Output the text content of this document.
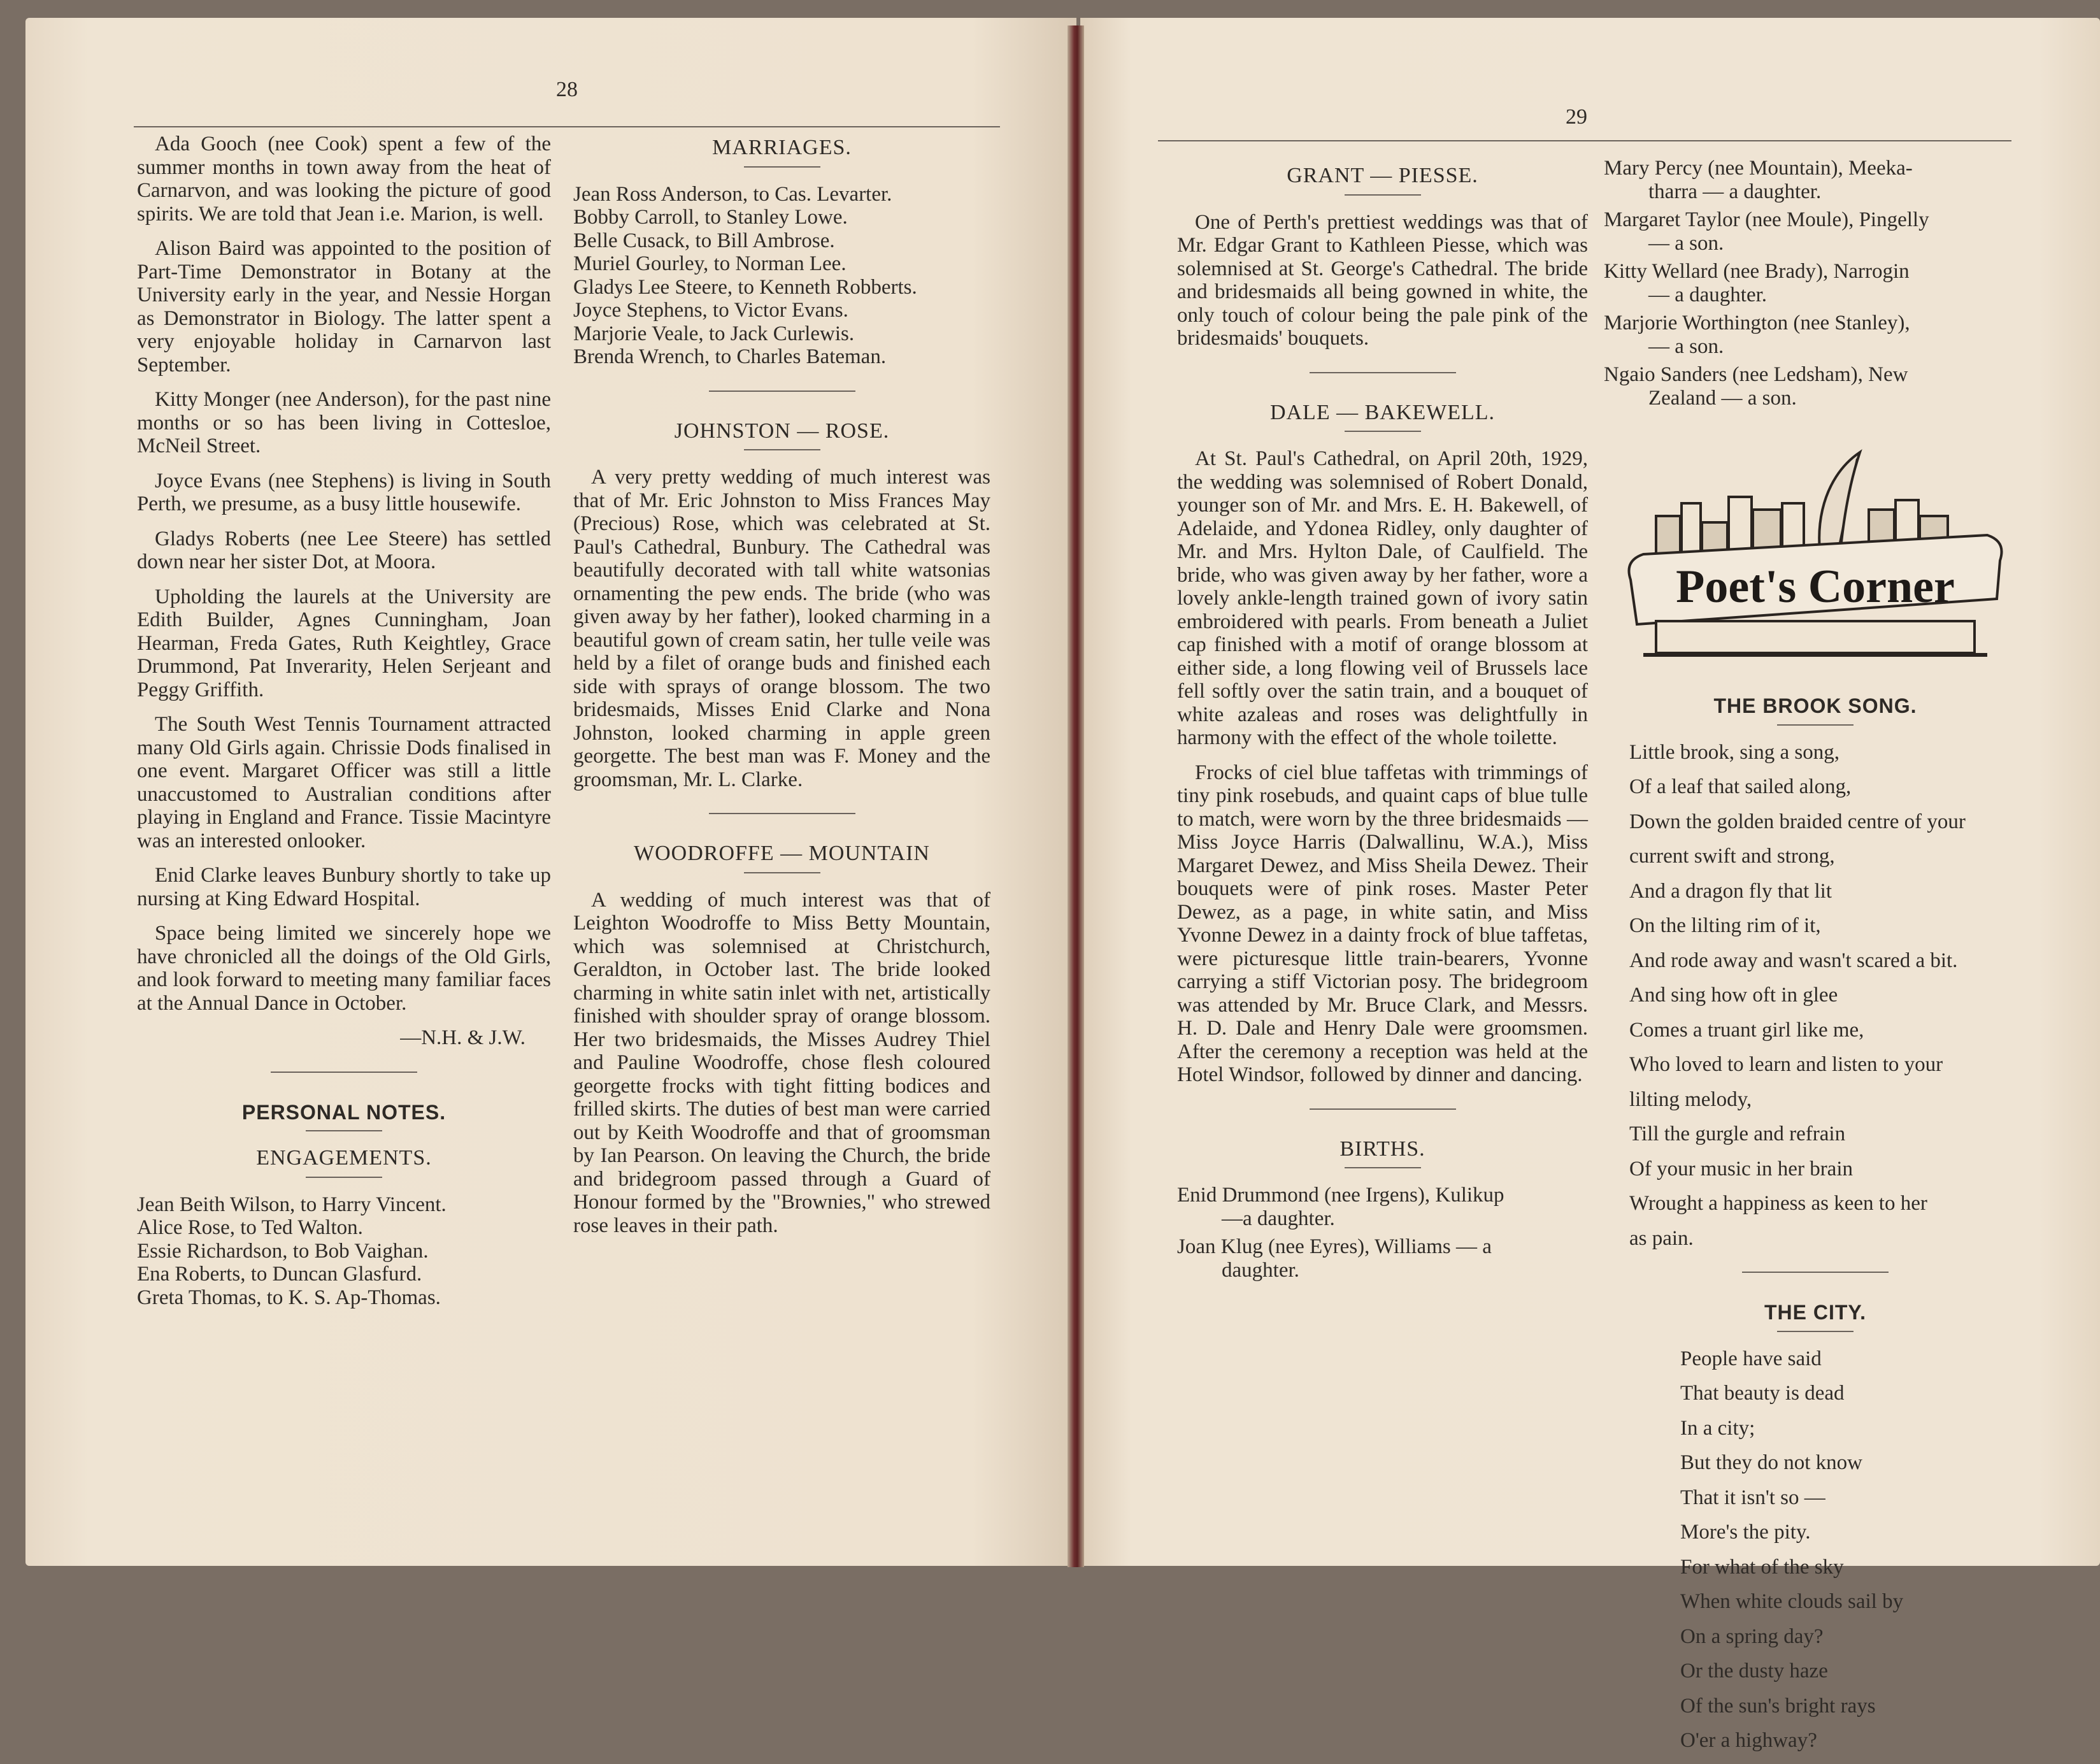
28

Ada Gooch (nee Cook) spent a few of the summer months in town away from the heat of Carnarvon, and was looking the picture of good spirits. We are told that Jean i.e. Marion, is well.

Alison Baird was appointed to the position of Part-Time Demonstrator in Botany at the University early in the year, and Nessie Horgan as Demonstrator in Biology. The latter spent a very enjoyable holiday in Carnarvon last September.

Kitty Monger (nee Anderson), for the past nine months or so has been living in Cottesloe, McNeil Street.

Joyce Evans (nee Stephens) is living in South Perth, we presume, as a busy little housewife.

Gladys Roberts (nee Lee Steere) has settled down near her sister Dot, at Moora.

Upholding the laurels at the University are Edith Builder, Agnes Cunningham, Joan Hearman, Freda Gates, Ruth Keightley, Grace Drummond, Pat Inverarity, Helen Serjeant and Peggy Griffith.

The South West Tennis Tournament attracted many Old Girls again. Chrissie Dods finalised in one event. Margaret Officer was still a little unaccustomed to Australian conditions after playing in England and France. Tissie Macintyre was an interested onlooker.

Enid Clarke leaves Bunbury shortly to take up nursing at King Edward Hospital.

Space being limited we sincerely hope we have chronicled all the doings of the Old Girls, and look forward to meeting many familiar faces at the Annual Dance in October.

—N.H. & J.W.

PERSONAL NOTES.
ENGAGEMENTS.

Jean Beith Wilson, to Harry Vincent.

Alice Rose, to Ted Walton.

Essie Richardson, to Bob Vaighan.

Ena Roberts, to Duncan Glasfurd.

Greta Thomas, to K. S. Ap-Thomas.

MARRIAGES.

Jean Ross Anderson, to Cas. Levarter.

Bobby Carroll, to Stanley Lowe.

Belle Cusack, to Bill Ambrose.

Muriel Gourley, to Norman Lee.

Gladys Lee Steere, to Kenneth Robberts.

Joyce Stephens, to Victor Evans.

Marjorie Veale, to Jack Curlewis.

Brenda Wrench, to Charles Bateman.

JOHNSTON — ROSE.

A very pretty wedding of much interest was that of Mr. Eric Johnston to Miss Frances May (Precious) Rose, which was celebrated at St. Paul's Cathedral, Bunbury. The Cathedral was beautifully decorated with tall white watsonias ornamenting the pew ends. The bride (who was given away by her father), looked charming in a beautiful gown of cream satin, her tulle veile was held by a filet of orange buds and finished each side with sprays of orange blossom. The two bridesmaids, Misses Enid Clarke and Nona Johnston, looked charming in apple green georgette. The best man was F. Money and the groomsman, Mr. L. Clarke.

WOODROFFE — MOUNTAIN

A wedding of much interest was that of Leighton Woodroffe to Miss Betty Mountain, which was solemnised at Christchurch, Geraldton, in October last. The bride looked charming in white satin inlet with net, artistically finished with shoulder spray of orange blossom. Her two bridesmaids, the Misses Audrey Thiel and Pauline Woodroffe, chose flesh coloured georgette frocks with tight fitting bodices and frilled skirts. The duties of best man were carried out by Keith Woodroffe and that of groomsman by Ian Pearson. On leaving the Church, the bride and bridegroom passed through a Guard of Honour formed by the "Brownies," who strewed rose leaves in their path.

29
GRANT — PIESSE.

One of Perth's prettiest weddings was that of Mr. Edgar Grant to Kathleen Piesse, which was solemnised at St. George's Cathedral. The bride and bridesmaids all being gowned in white, the only touch of colour being the pale pink of the bridesmaids' bouquets.

DALE — BAKEWELL.

At St. Paul's Cathedral, on April 20th, 1929, the wedding was solemnised of Robert Donald, younger son of Mr. and Mrs. E. H. Bakewell, of Adelaide, and Ydonea Ridley, only daughter of Mr. and Mrs. Hylton Dale, of Caulfield. The bride, who was given away by her father, wore a lovely ankle-length trained gown of ivory satin embroidered with pearls. From beneath a Juliet cap finished with a motif of orange blossom at either side, a long flowing veil of Brussels lace fell softly over the satin train, and a bouquet of white azaleas and roses was delightfully in harmony with the effect of the whole toilette.

Frocks of ciel blue taffetas with trimmings of tiny pink rosebuds, and quaint caps of blue tulle to match, were worn by the three bridesmaids — Miss Joyce Harris (Dalwallinu, W.A.), Miss Margaret Dewez, and Miss Sheila Dewez. Their bouquets were of pink roses. Master Peter Dewez, as a page, in white satin, and Miss Yvonne Dewez in a dainty frock of blue taffetas, were picturesque little train-bearers, Yvonne carrying a stiff Victorian posy. The bridegroom was attended by Mr. Bruce Clark, and Messrs. H. D. Dale and Henry Dale were groomsmen. After the ceremony a reception was held at the Hotel Windsor, followed by dinner and dancing.

BIRTHS.

Enid Drummond (nee Irgens), Kulikup
—a daughter.

Joan Klug (nee Eyres), Williams — a
daughter.

Mary Percy (nee Mountain), Meeka-
tharra — a daughter.

Margaret Taylor (nee Moule), Pingelly
— a son.

Kitty Wellard (nee Brady), Narrogin
— a daughter.

Marjorie Worthington (nee Stanley),
— a son.

Ngaio Sanders (nee Ledsham), New
Zealand — a son.

Poet's Corner
THE BROOK SONG.

Little brook, sing a song,

Of a leaf that sailed along,

Down the golden braided centre of your

current swift and strong,

And a dragon fly that lit

On the lilting rim of it,

And rode away and wasn't scared a bit.

And sing how oft in glee

Comes a truant girl like me,

Who loved to learn and listen to your

lilting melody,

Till the gurgle and refrain

Of your music in her brain

Wrought a happiness as keen to her

as pain.

THE CITY.

People have said

That beauty is dead

In a city;

But they do not know

That it isn't so —

More's the pity.

For what of the sky

When white clouds sail by

On a spring day?

Or the dusty haze

Of the sun's bright rays

O'er a highway?
